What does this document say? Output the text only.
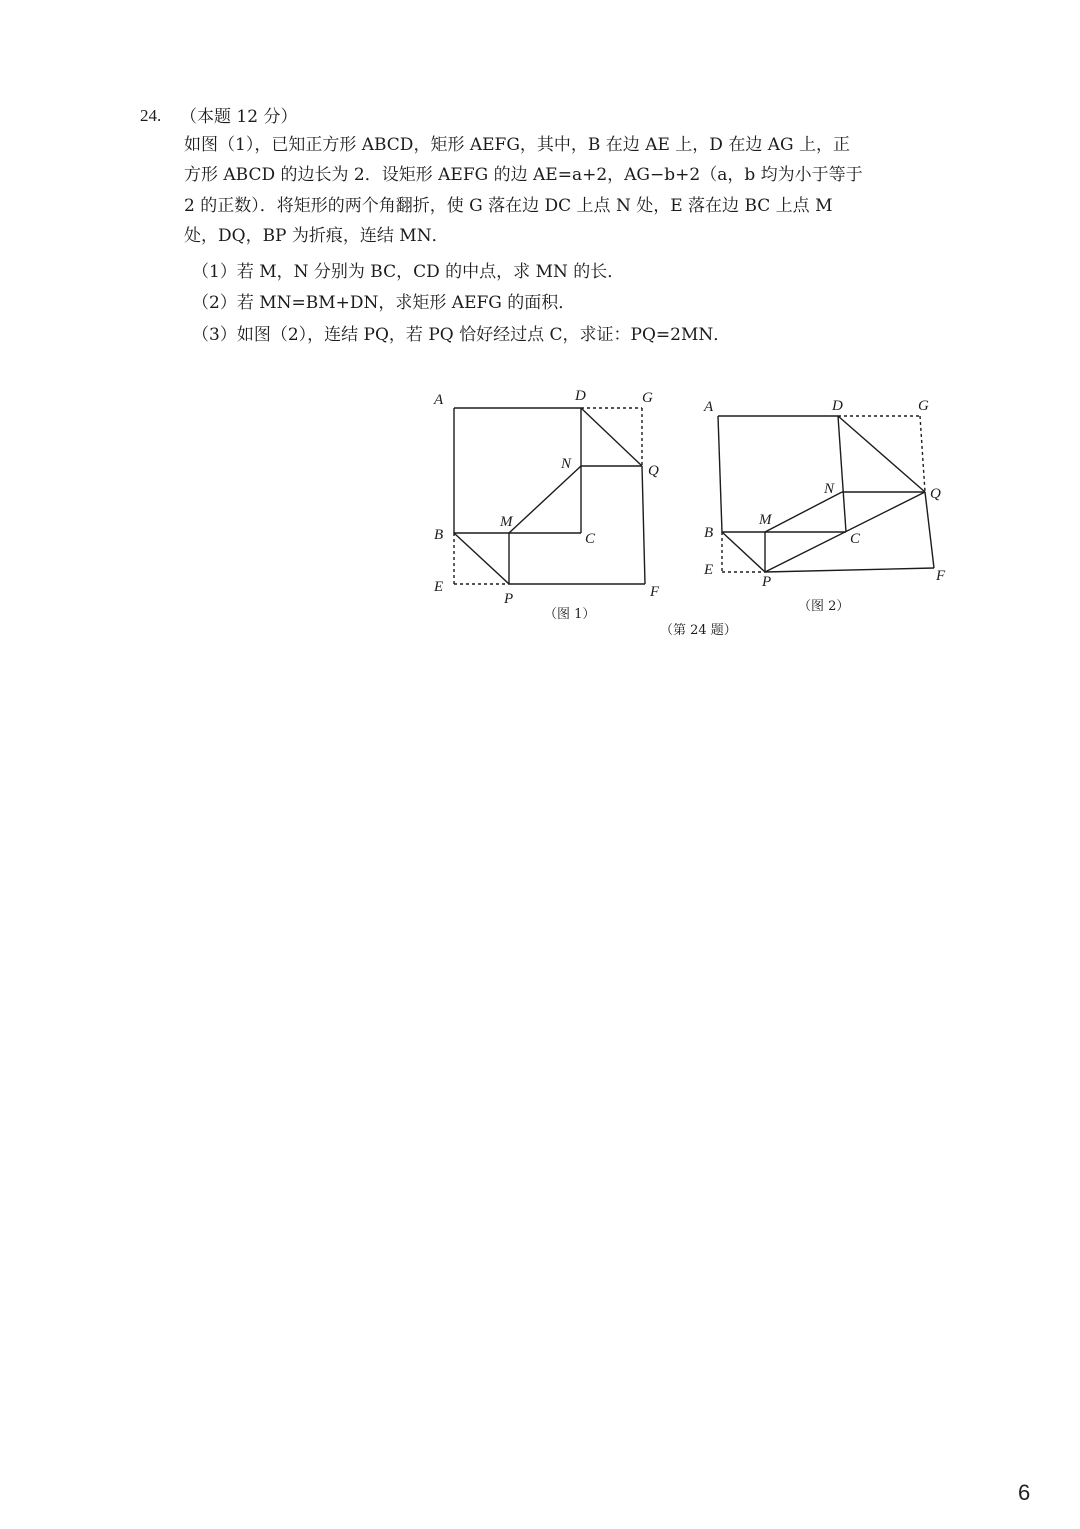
24. （本题 12 分）
如图（1），已知正方形 ABCD，矩形 AEFG，其中，B 在边 AE 上，D 在边 AG 上，正
方形 ABCD 的边长为 2．设矩形 AEFG 的边 AE=a+2，AG−b+2（a，b 均为小于等于
2 的正数）．将矩形的两个角翻折，使 G 落在边 DC 上点 N 处，E 落在边 BC 上点 M
处，DQ，BP 为折痕，连结 MN．
（1）若 M，N 分别为 BC，CD 的中点，求 MN 的长．
（2）若 MN=BM+DN，求矩形 AEFG 的面积．
（3）如图（2），连结 PQ，若 PQ 恰好经过点 C，求证：PQ=2MN．
A	D	G
N	Q
M
B	C
E
P	F
（图 1）
A	D	G
N	Q
M
B	C
E
P	F
（图 2）
（第 24 题）
6
